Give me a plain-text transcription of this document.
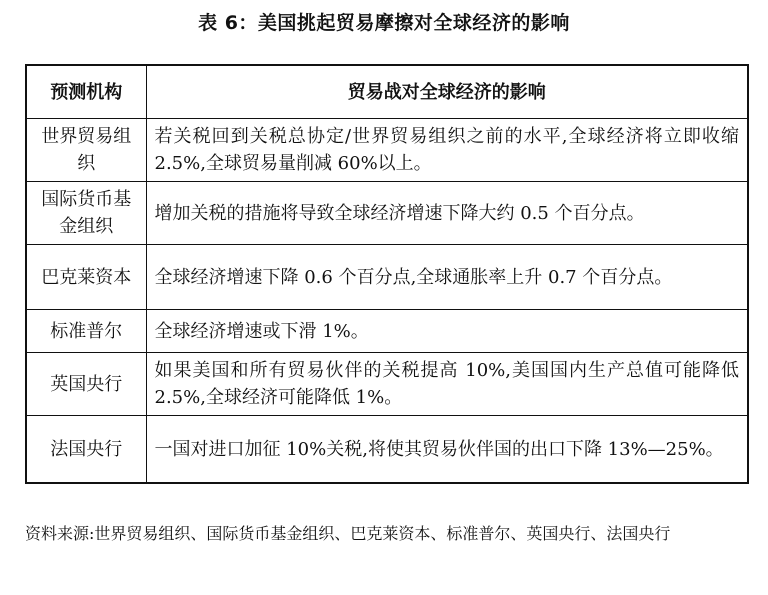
表 6：美国挑起贸易摩擦对全球经济的影响
预测机构	贸易战对全球经济的影响
世界贸易组织	若关税回到关税总协定/世界贸易组织之前的水平,全球经济将立即收缩 2.5%,全球贸易量削减 60%以上。
国际货币基金组织	增加关税的措施将导致全球经济增速下降大约 0.5 个百分点。
巴克莱资本	全球经济增速下降 0.6 个百分点,全球通胀率上升 0.7 个百分点。
标准普尔	全球经济增速或下滑 1%。
英国央行	如果美国和所有贸易伙伴的关税提高 10%,美国国内生产总值可能降低 2.5%,全球经济可能降低 1%。
法国央行	一国对进口加征 10%关税,将使其贸易伙伴国的出口下降 13%—25%。
资料来源:世界贸易组织、国际货币基金组织、巴克莱资本、标准普尔、英国央行、法国央行
